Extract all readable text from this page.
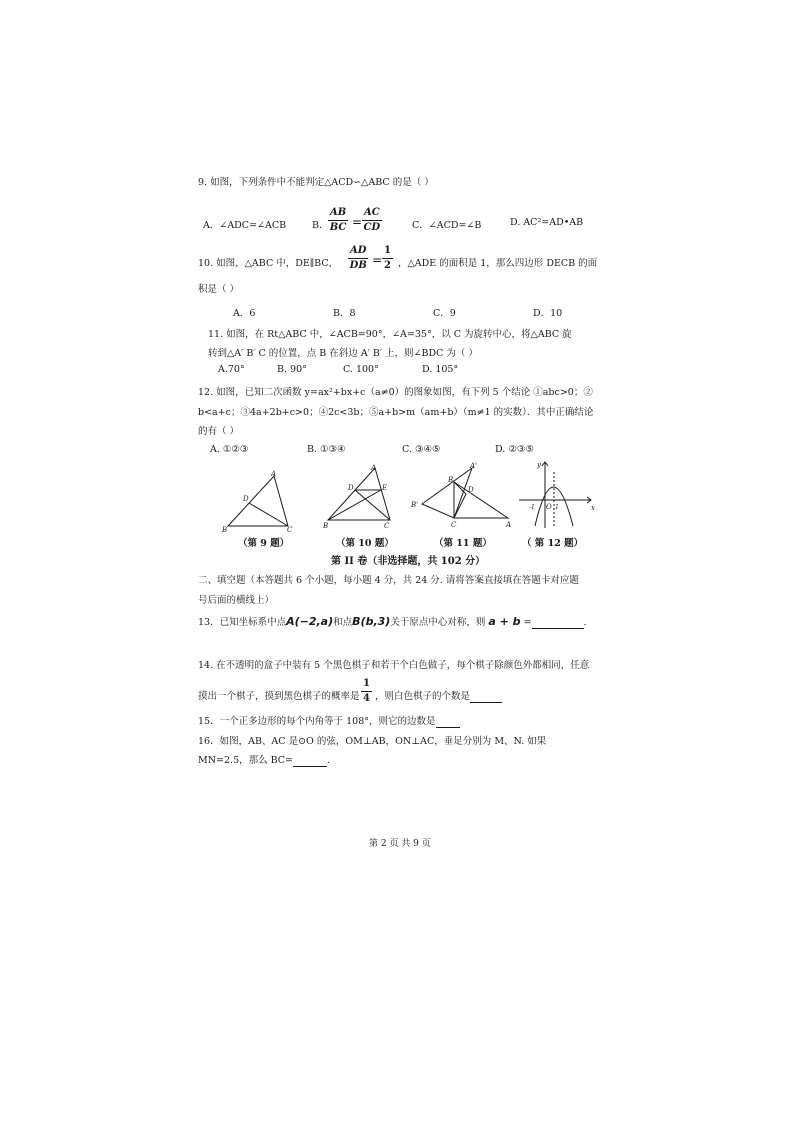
9. 如图，下列条件中不能判定△ACD∽△ABC 的是（ ）
A．∠ADC=∠ACB	B． $\frac{AB}{BC} = \frac{AC}{CD}$	C．∠ACD=∠B	D. AC²=AD•AB
10. 如图，△ABC 中，DE∥BC， $\frac{AD}{DB} = \frac{1}{2}$ ，△ADE 的面积是 1，那么四边形 DECB 的面
积是（ ）
A．6	B．8	C．9	D．10
11. 如图，在 Rt△ABC 中，∠ACB=90°，∠A=35°，以 C 为旋转中心，将△ABC 旋
转到△A′ B′ C 的位置，点 B 在斜边 A′ B′ 上，则∠BDC 为（ ）
A.70°	B. 90°	C. 100°	D. 105°
12. 如图，已知二次函数 y=ax²+bx+c（a≠0）的图象如图，有下列 5 个结论 ①abc>0；②
b<a+c；③4a+2b+c>0；④2c<3b；⑤a+b>m（am+b）（m≠1 的实数）．其中正确结论
的有（ ）
A. ①②③	B. ①③④	C. ③④⑤	D. ②③⑤
A
D
B	C
（第 9 题）
A
D	E
B	C
（第 10 题）
A'
B
D
B'
C	A
（第 11 题）
y
x
O
-1	1
（ 第 12 题）
第 II 卷（非选择题，共 102 分）
二、填空题（本答题共 6 个小题，每小题 4 分，共 24 分. 请将答案直接填在答题卡对应题
号后面的横线上）
13．已知坐标系中点A(−2,a)和点B(b,3)关于原点中心对称，则 a + b =	.
14. 在不透明的盒子中装有 5 个黑色棋子和若干个白色做子，每个棋子除颜色外都相同，任意
摸出一个棋子，摸到黑色棋子的概率是 $\frac{1}{4}$ ，则白色棋子的个数是
15．一个正多边形的每个内角等于 108°，则它的边数是
16．如图，AB、AC 是⊙O 的弦，OM⊥AB，ON⊥AC，垂足分别为 M、N. 如果
MN=2.5，那么 BC=	.
第 2 页 共 9 页
